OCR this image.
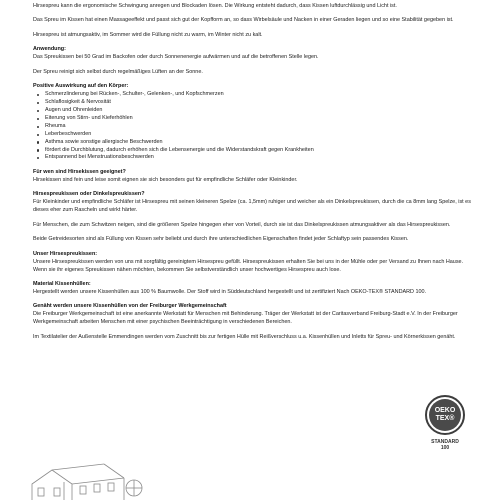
Hirsespreu kann die ergonomische Schwingung anregen und Blockaden lösen. Die Wirkung entsteht dadurch, dass Kissen luftdurchlässig und Licht ist.

Das Spreu im Kissen hat einen Massageeffekt und passt sich gut der Kopfform an, so dass Wirbelsäule und Nacken in einer Geraden liegen und so eine Stabilität gegeben ist.

Hirsespreu ist atmungsaktiv, im Sommer wird die Füllung nicht zu warm, im Winter nicht zu kalt.

Anwendung:
Das Spreukissen bei 50 Grad im Backofen oder durch Sonnenenergie aufwärmen und auf die betroffenen Stelle legen.

Der Spreu reinigt sich selbst durch regelmäßiges Lüften an der Sonne.

Positive Auswirkung auf den Körper:

Schmerzlinderung bei Rücken-, Schulter-, Gelenken-, und Kopfschmerzen
Schlaflosigkeit & Nervosität
Augen und Ohrenleiden
Eiterung von Stirn- und Kieferhöhlen
Rheuma
Leberbeschwerden
Asthma sowie sonstige allergische Beschwerden
fördert die Durchblutung, dadurch erhöhen sich die Lebensenergie und die Widerstandskraft gegen Krankheiten
Entspannend bei Menstruationsbeschwerden

Für wen sind Hirsekissen geeignet?
Hirsekissen sind fein und leise somit eignen sie sich besonders gut für empfindliche Schläfer oder Kleinkinder.

Hirsespreukissen oder Dinkelspreukissen?
Für Kleinkinder und empfindliche Schläfer ist Hirsespreu mit seinen kleineren Spelze (ca. 1,5mm) ruhiger und weicher als ein Dinkelspreukissen, durch die ca 8mm lang Spelze, ist es dieses eher zum Rascheln und wirkt härter.

Für Menschen, die zum Schwitzen neigen, sind die größeren Spelze hingegen eher von Vorteil, durch sie ist das Dinkelspreukissen atmungsaktiver als das Hirsespreukissen.

Beide Getreidesorten sind als Füllung von Kissen sehr beliebt und durch ihre unterschiedlichen Eigenschaften findet jeder Schlaftyp sein passendes Kissen.

Unser Hirsespreukissen:
Unsere Hirsespreukissen werden von uns mit sorgfältig gereinigtem Hirsespreu gefüllt. Hirsespreukissen erhalten Sie bei uns in der Mühle oder per Versand zu Ihnen nach Hause. Wenn sie ihr eigenes Spreukissen nähen möchten, bekommen Sie selbstverständlich unser hochwertiges Hirsespreu auch lose.

Material Kissenhüllen:
Hergestellt werden unsere Kissenhüllen aus 100 % Baumwolle. Der Stoff wird in Süddeutschland hergestellt und ist zertifiziert Nach OEKO-TEX® STANDARD 100.

Genäht werden unsere Kissenhüllen von der Freiburger Werkgemeinschaft
Die Freiburger Werkgemeinschaft ist eine anerkannte Werkstatt für Menschen mit Behinderung. Träger der Werkstatt ist der Caritasverband Freiburg-Stadt e.V. In der Freiburger Werkgemeinschaft arbeiten Menschen mit einer psychischen Beeinträchtigung in verschiedenen Bereichen.

Im Textilatelier der Außenstelle Emmendingen werden vom Zuschnitt bis zur fertigen Hülle mit Reißverschluss u.a. Kissenhüllen und Inletts für Spreu- und Körnerkissen genäht.

OEKO
TEX®
STANDARD
100
